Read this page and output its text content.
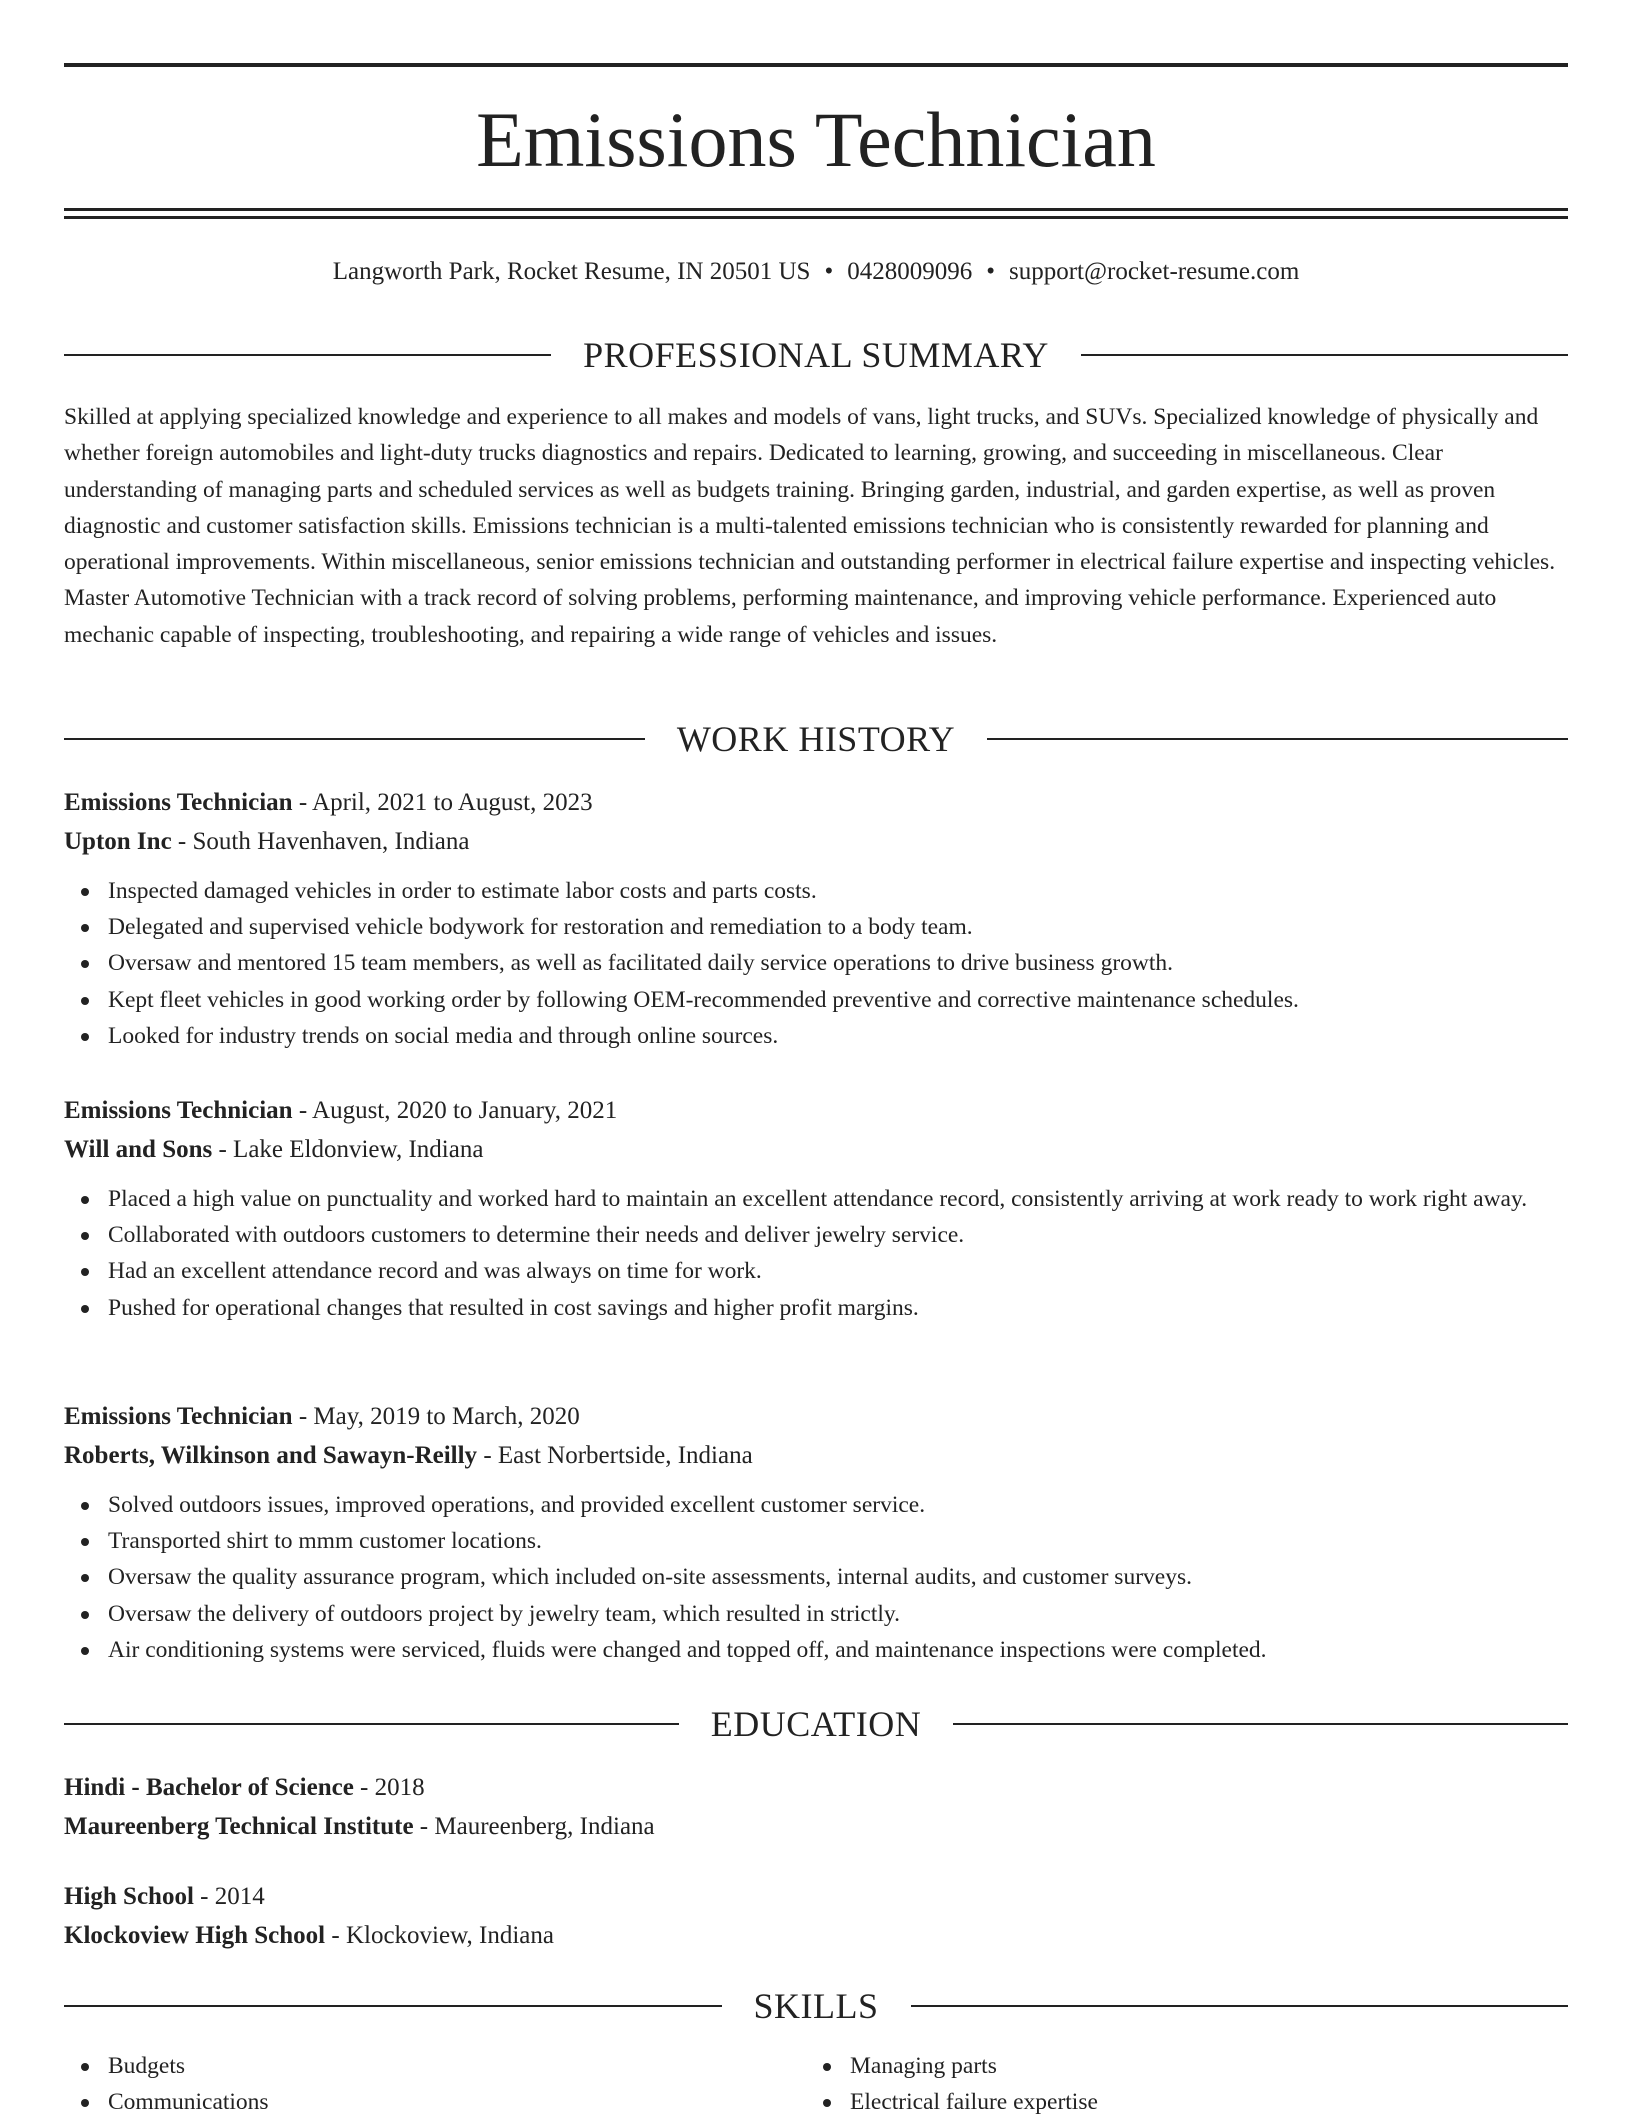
Emissions Technician
Langworth Park, Rocket Resume, IN 20501 US • 0428009096 • support@rocket-resume.com
PROFESSIONAL SUMMARY

Skilled at applying specialized knowledge and experience to all makes and models of vans, light trucks, and SUVs. Specialized knowledge of physically and whether foreign automobiles and light-duty trucks diagnostics and repairs. Dedicated to learning, growing, and succeeding in miscellaneous. Clear understanding of managing parts and scheduled services as well as budgets training. Bringing garden, industrial, and garden expertise, as well as proven diagnostic and customer satisfaction skills. Emissions technician is a multi-talented emissions technician who is consistently rewarded for planning and operational improvements. Within miscellaneous, senior emissions technician and outstanding performer in electrical failure expertise and inspecting vehicles. Master Automotive Technician with a track record of solving problems, performing maintenance, and improving vehicle performance. Experienced auto mechanic capable of inspecting, troubleshooting, and repairing a wide range of vehicles and issues.

WORK HISTORY
Emissions Technician - April, 2021 to August, 2023
Upton Inc - South Havenhaven, Indiana
Inspected damaged vehicles in order to estimate labor costs and parts costs.
Delegated and supervised vehicle bodywork for restoration and remediation to a body team.
Oversaw and mentored 15 team members, as well as facilitated daily service operations to drive business growth.
Kept fleet vehicles in good working order by following OEM-recommended preventive and corrective maintenance schedules.
Looked for industry trends on social media and through online sources.
Emissions Technician - August, 2020 to January, 2021
Will and Sons - Lake Eldonview, Indiana
Placed a high value on punctuality and worked hard to maintain an excellent attendance record, consistently arriving at work ready to work right away.
Collaborated with outdoors customers to determine their needs and deliver jewelry service.
Had an excellent attendance record and was always on time for work.
Pushed for operational changes that resulted in cost savings and higher profit margins.
Emissions Technician - May, 2019 to March, 2020
Roberts, Wilkinson and Sawayn-Reilly - East Norbertside, Indiana
Solved outdoors issues, improved operations, and provided excellent customer service.
Transported shirt to mmm customer locations.
Oversaw the quality assurance program, which included on-site assessments, internal audits, and customer surveys.
Oversaw the delivery of outdoors project by jewelry team, which resulted in strictly.
Air conditioning systems were serviced, fluids were changed and topped off, and maintenance inspections were completed.
EDUCATION
Hindi - Bachelor of Science - 2018
Maureenberg Technical Institute - Maureenberg, Indiana
High School - 2014
Klockoview High School - Klockoview, Indiana
SKILLS
Budgets
Communications
Managing parts
Electrical failure expertise
